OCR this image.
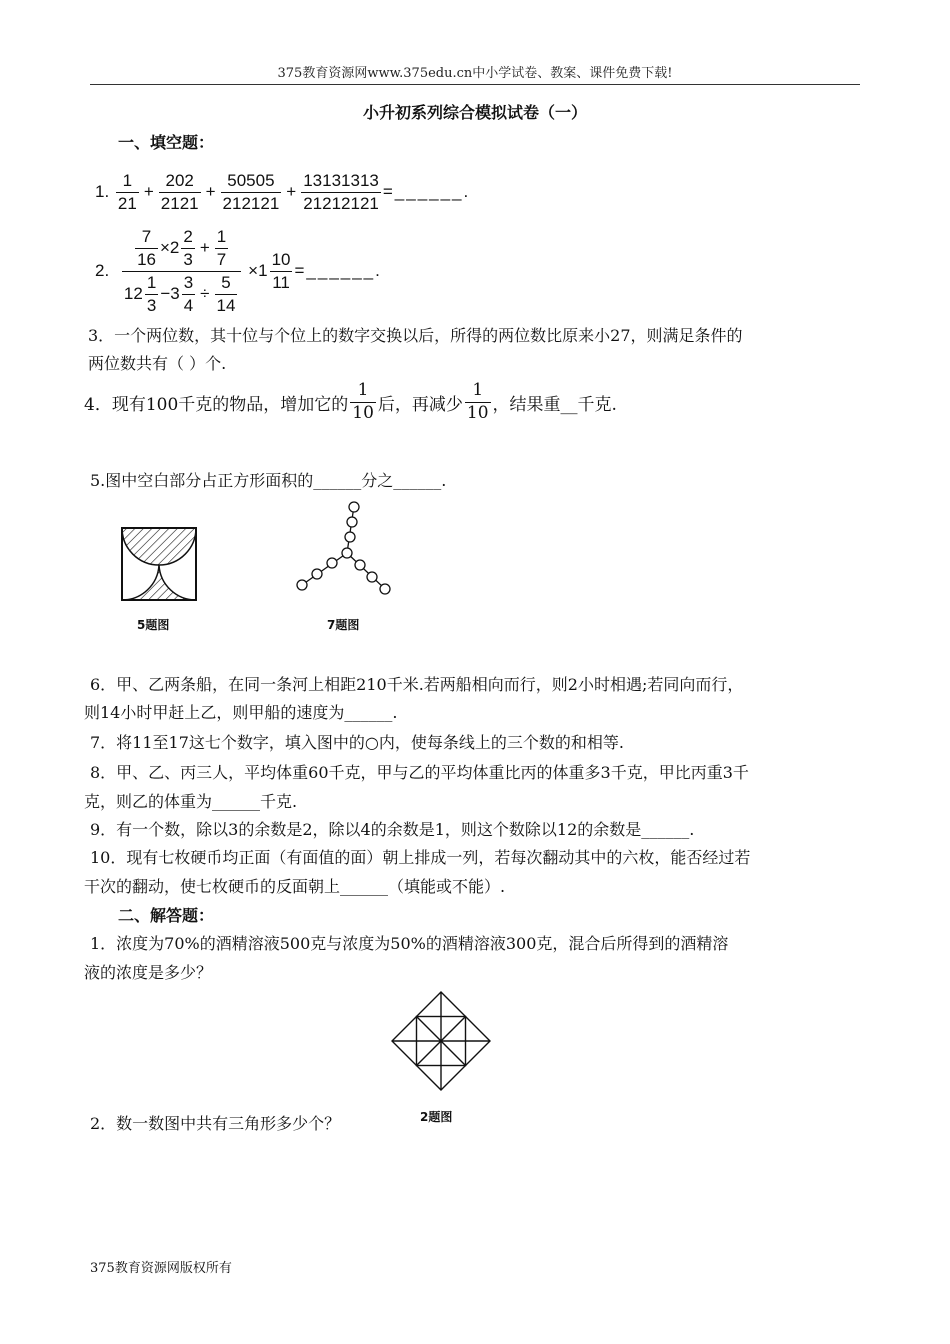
375教育资源网www.375edu.cn中小学试卷、教案、课件免费下载!
小升初系列综合模拟试卷（一）
一、填空题：
1. $\frac{1}{21} + \frac{202}{2121} + \frac{50505}{212121} + \frac{13131313}{21212121}$ =______.
2. $\frac{\frac{7}{16} \times 2 \frac{2}{3} + \frac{1}{7}}{12 \frac{1}{3} -3 \frac{3}{4} \div \frac{5}{14}} \times 1 \frac{10}{11}$ =______.
3．一个两位数，其十位与个位上的数字交换以后，所得的两位数比原来小27，则满足条件的
两位数共有（ ）个.
4．现有100千克的物品，增加它的 $\frac{1}{10}$ 后，再减少 $\frac{1}{10}$ ，结果重__千克.
5.图中空白部分占正方形面积的______分之______.
5题图	7题图
6．甲、乙两条船，在同一条河上相距210千米.若两船相向而行，则2小时相遇;若同向而行，
则14小时甲赶上乙，则甲船的速度为______.
7．将11至17这七个数字，填入图中的○内，使每条线上的三个数的和相等.
8．甲、乙、丙三人，平均体重60千克，甲与乙的平均体重比丙的体重多3千克，甲比丙重3千
克，则乙的体重为______千克.
9．有一个数，除以3的余数是2，除以4的余数是1，则这个数除以12的余数是______.
10．现有七枚硬币均正面（有面值的面）朝上排成一列，若每次翻动其中的六枚，能否经过若
干次的翻动，使七枚硬币的反面朝上______（填能或不能）.
二、解答题：
1．浓度为70%的酒精溶液500克与浓度为50%的酒精溶液300克，混合后所得到的酒精溶
液的浓度是多少？
2．数一数图中共有三角形多少个？	2题图
375教育资源网版权所有
